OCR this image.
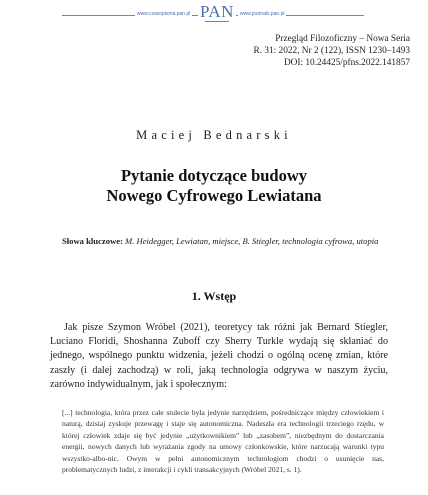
www.czasopisma.pan.pl PAN	www.journals.pan.pl
Przegląd Filozoficzny – Nowa Seria
R. 31: 2022, Nr 2 (122), ISSN 1230–1493
DOI: 10.24425/pfns.2022.141857
Maciej Bednarski
Pytanie dotyczące budowy
Nowego Cyfrowego Lewiatana
Słowa kluczowe: M. Heidegger, Lewiatan, miejsce, B. Stiegler, technologia cyfrowa, utopia
1. Wstęp
Jak pisze Szymon Wróbel (2021), teoretycy tak różni jak Bernard Stiegler, Luciano Floridi, Shoshanna Zuboff czy Sherry Turkle wydają się skłaniać do jednego, wspólnego punktu widzenia, jeżeli chodzi o ogólną ocenę zmian, które zaszły (i dalej zachodzą) w roli, jaką technologia odgrywa w naszym życiu, zarówno indywidualnym, jak i społecznym:
[...] technologia, która przez całe stulecie była jedynie narzędziem, pośredniczące między człowiekiem i naturą, dzisiaj zyskuje przewagę i staje się autonomiczna. Nadeszła era technologii trzeciego rzędu, w której człowiek zdaje się być jedynie „użytkownikiem” lub „zasobem”, niezbędnym do dostarczania energii, nowych danych lub wyrażania zgody na umowy członkowskie, które narzucają warunki typu wszystko-albo-nic. Owym w pełni autonomicznym technologiom chodzi o usunięcie nas, problematycznych ludzi, z interakcji i cykli transakcyjnych (Wróbel 2021, s. 1).
